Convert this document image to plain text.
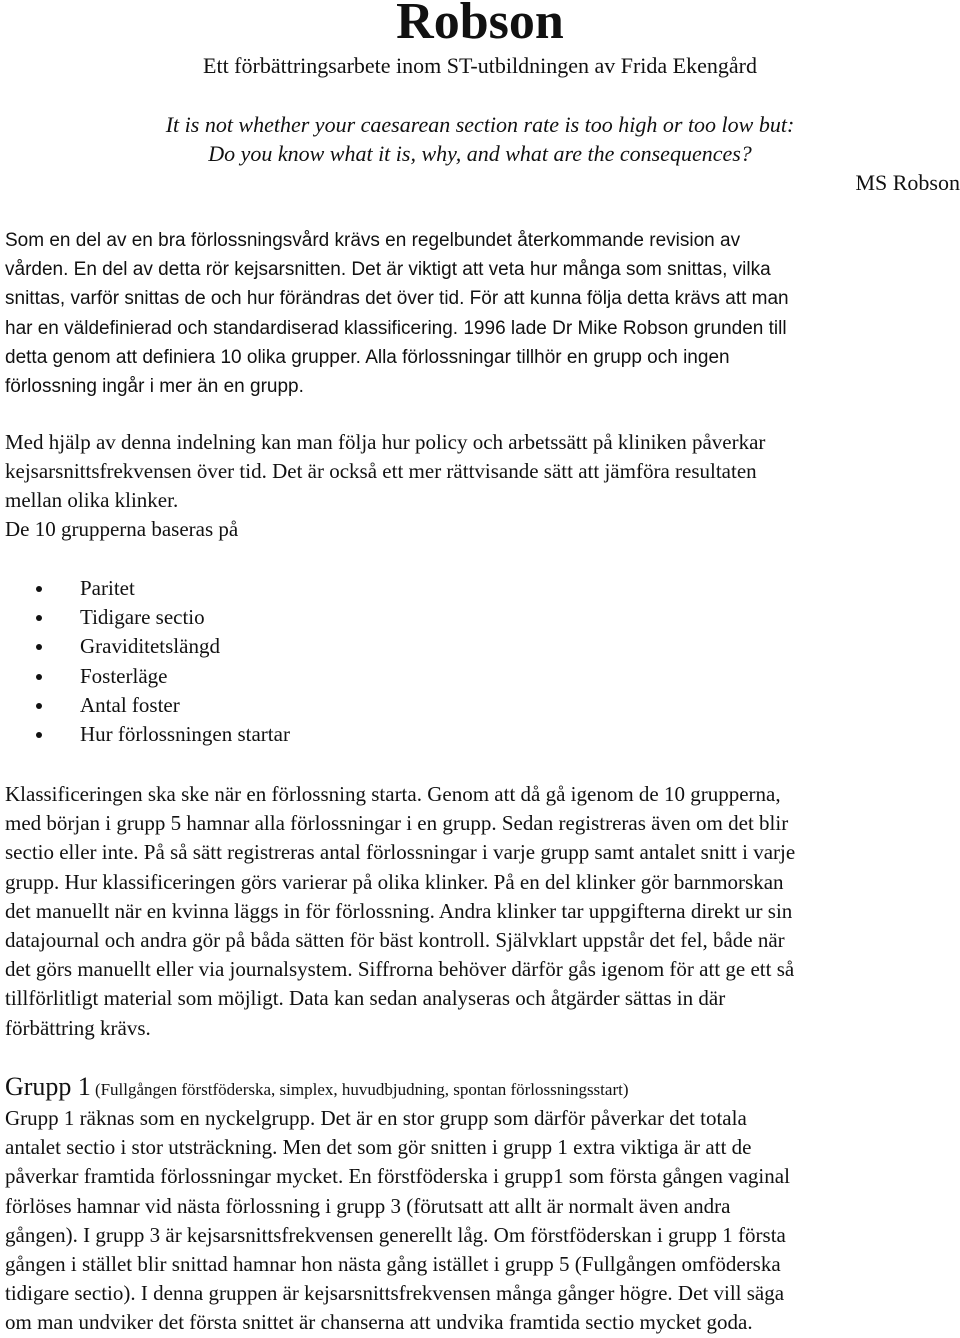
Robson
Ett förbättringsarbete inom ST-utbildningen av Frida Ekengård
It is not whether your caesarean section rate is too high or too low but:
Do you know what it is, why, and what are the consequences?
MS Robson
Som en del av en bra förlossningsvård krävs en regelbundet återkommande revision av
vården. En del av detta rör kejsarsnitten. Det är viktigt att veta hur många som snittas, vilka
snittas, varför snittas de och hur förändras det över tid. För att kunna följa detta krävs att man
har en väldefinierad och standardiserad klassificering. 1996 lade Dr Mike Robson grunden till
detta genom att definiera 10 olika grupper. Alla förlossningar tillhör en grupp och ingen
förlossning ingår i mer än en grupp.
Med hjälp av denna indelning kan man följa hur policy och arbetssätt på kliniken påverkar
kejsarsnittsfrekvensen över tid. Det är också ett mer rättvisande sätt att jämföra resultaten
mellan olika klinker.
De 10 grupperna baseras på
Paritet
Tidigare sectio
Graviditetslängd
Fosterläge
Antal foster
Hur förlossningen startar
Klassificeringen ska ske när en förlossning starta. Genom att då gå igenom de 10 grupperna,
med början i grupp 5 hamnar alla förlossningar i en grupp. Sedan registreras även om det blir
sectio eller inte. På så sätt registreras antal förlossningar i varje grupp samt antalet snitt i varje
grupp. Hur klassificeringen görs varierar på olika klinker. På en del klinker gör barnmorskan
det manuellt när en kvinna läggs in för förlossning. Andra klinker tar uppgifterna direkt ur sin
datajournal och andra gör på båda sätten för bäst kontroll. Självklart uppstår det fel, både när
det görs manuellt eller via journalsystem. Siffrorna behöver därför gås igenom för att ge ett så
tillförlitligt material som möjligt. Data kan sedan analyseras och åtgärder sättas in där
förbättring krävs.
Grupp 1 (Fullgången förstföderska, simplex, huvudbjudning, spontan förlossningsstart)
Grupp 1 räknas som en nyckelgrupp. Det är en stor grupp som därför påverkar det totala
antalet sectio i stor utsträckning. Men det som gör snitten i grupp 1 extra viktiga är att de
påverkar framtida förlossningar mycket. En förstföderska i grupp1 som första gången vaginal
förlöses hamnar vid nästa förlossning i grupp 3 (förutsatt att allt är normalt även andra
gången). I grupp 3 är kejsarsnittsfrekvensen generellt låg. Om förstföderskan i grupp 1 första
gången i stället blir snittad hamnar hon nästa gång istället i grupp 5 (Fullgången omföderska
tidigare sectio). I denna gruppen är kejsarsnittsfrekvensen många gånger högre. Det vill säga
om man undviker det första snittet är chanserna att undvika framtida sectio mycket goda.
